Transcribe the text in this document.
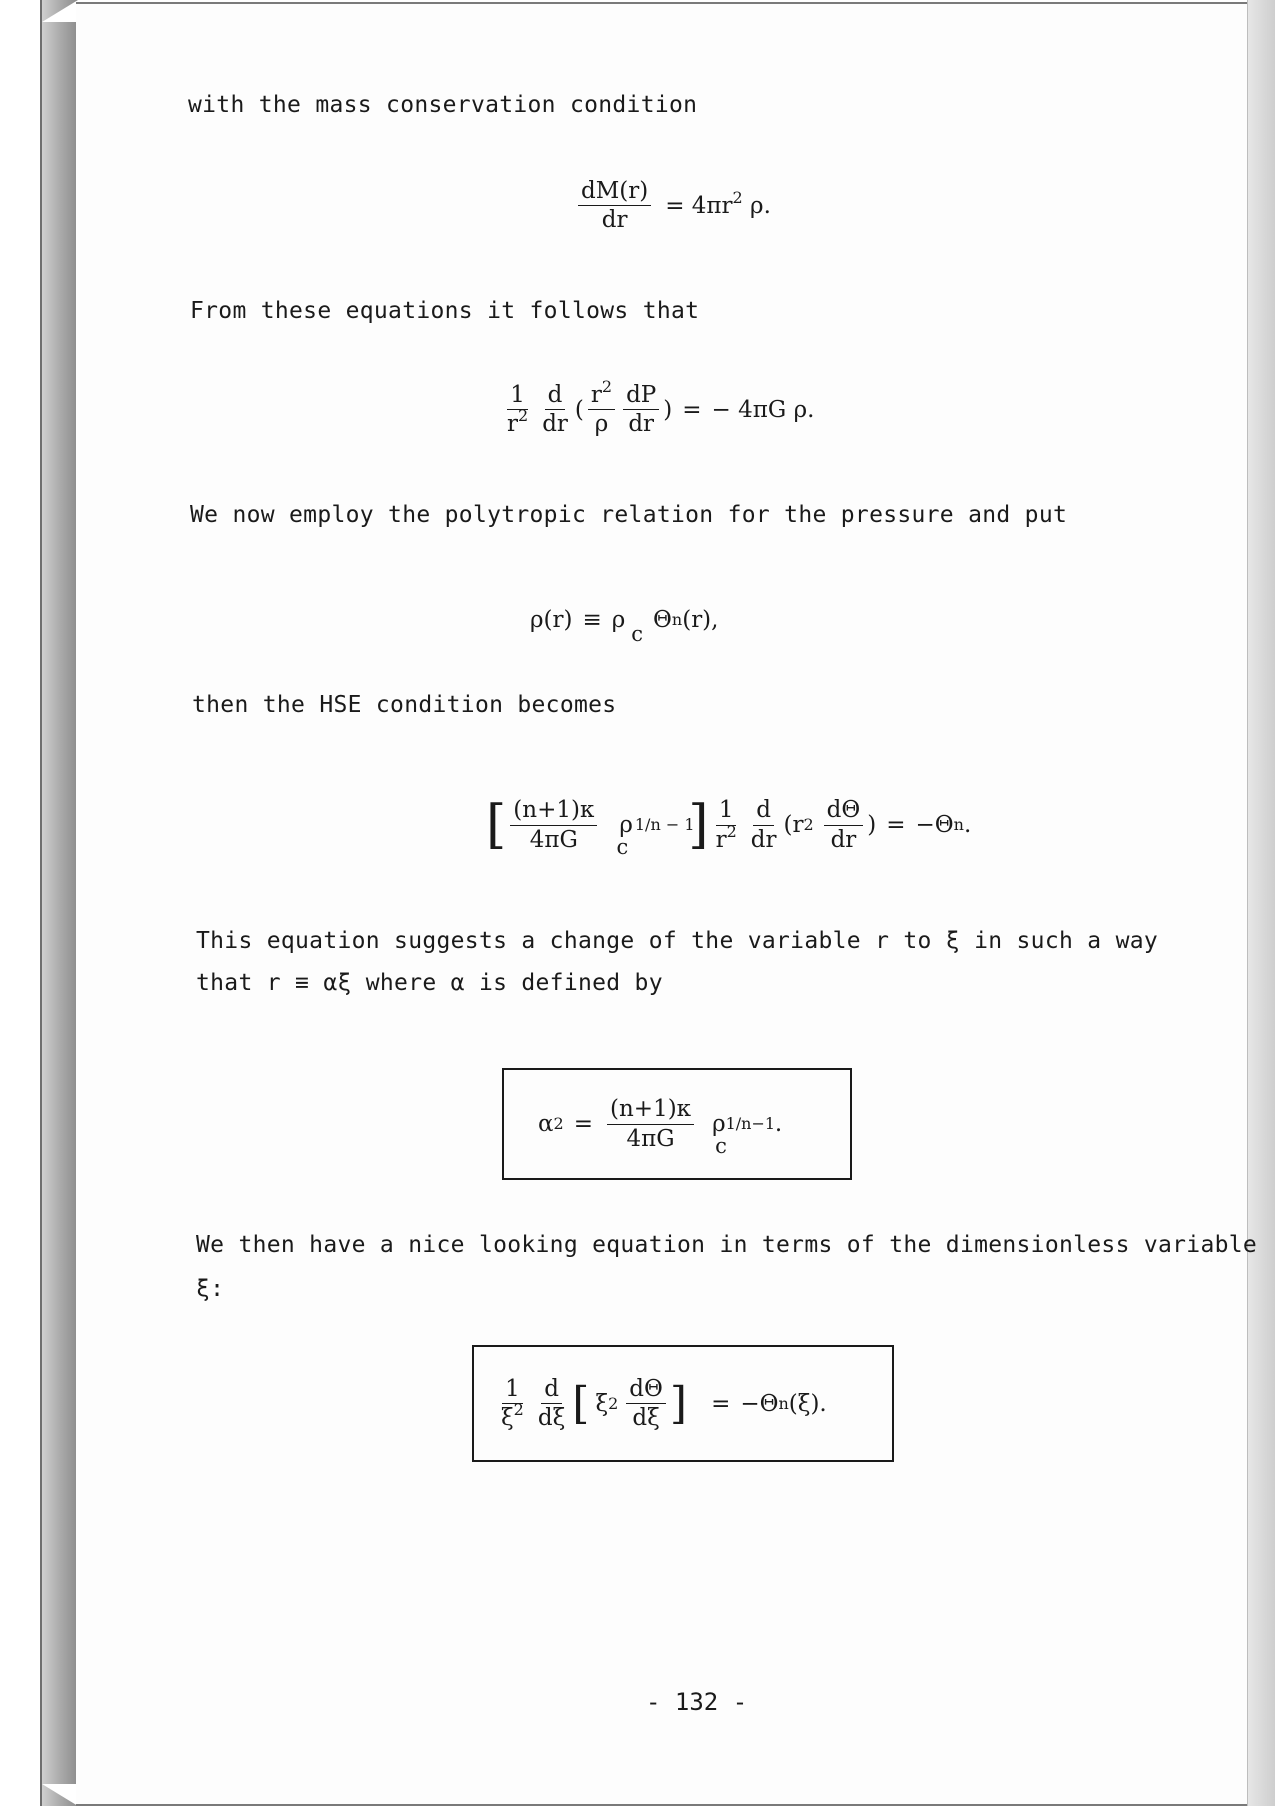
with the mass conservation condition
$\frac{dM(r)}{dr} = 4\pi r^2$ ρ.
From these equations it follows that
$\frac{1}{r^2} \frac{d}{dr}$ ( $\frac{r^2}{\rho} \frac{dP}{dr}$ ) = − 4πG ρ.
We now employ the polytropic relation for the pressure and put
ρ(r) ≡ ρ
c
Θ n (r),
then the HSE condition becomes
[ $\frac{(n+1)\kappa}{4\pi G}$ ρ 1/n − 1
c ] $\frac{1}{r^2} \frac{d}{dr} (r$ $2 \frac{d\Theta}{dr}$ ) = −Θ n .
This equation suggests a change of the variable r to ξ in such a way
that r ≡ αξ where α is defined by
α $2 = \frac{(n+1)\kappa}{4\pi G}$ ρ 1/n−1
c
.
We then have a nice looking equation in terms of the dimensionless variable
ξ:
$\frac{1}{\xi^2} \frac{d}{d\xi}$ [ ξ $2 \frac{d\Theta}{d\xi}$ ] = −Θ n (ξ).
- 132 -
